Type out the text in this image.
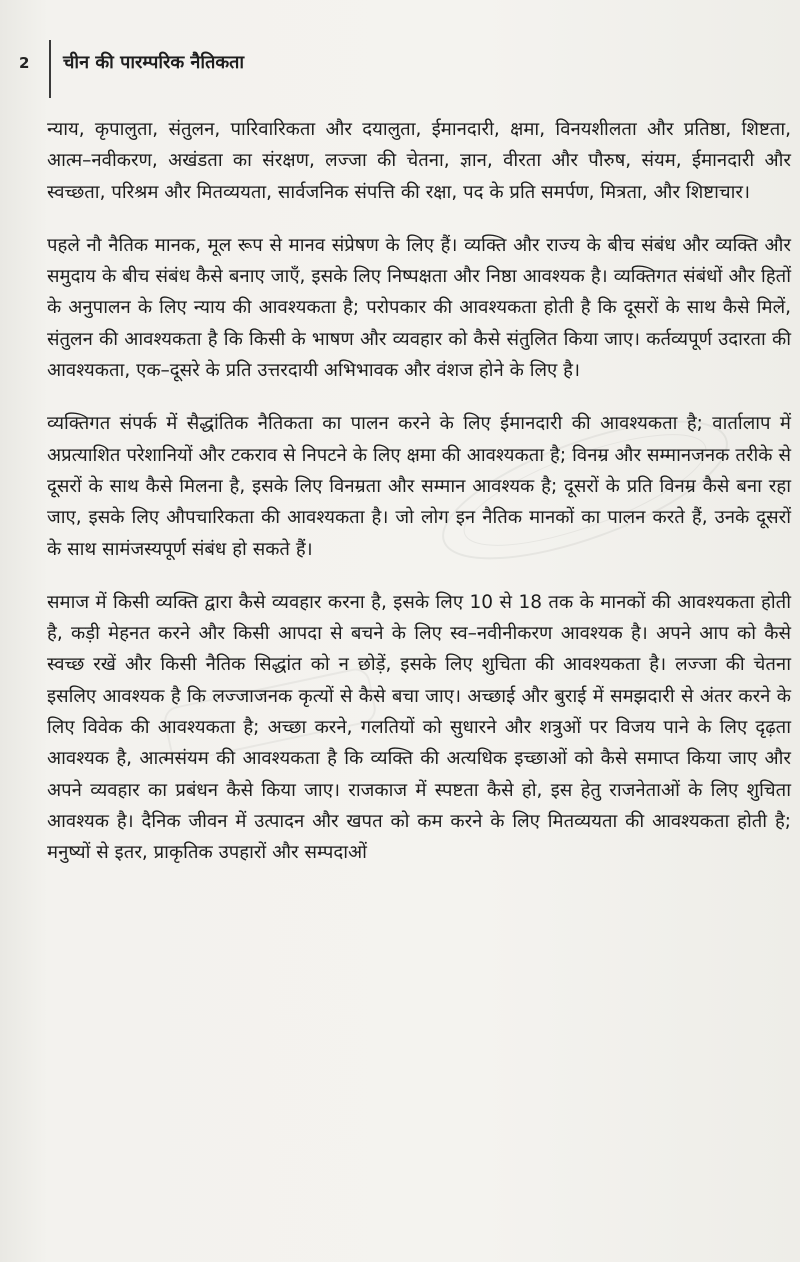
2 चीन की पारम्परिक नैतिकता

न्याय, कृपालुता, संतुलन, पारिवारिकता और दयालुता, ईमानदारी, क्षमा, विनयशीलता और प्रतिष्ठा, शिष्टता, आत्म–नवीकरण, अखंडता का संरक्षण, लज्जा की चेतना, ज्ञान, वीरता और पौरुष, संयम, ईमानदारी और स्वच्छता, परिश्रम और मितव्ययता, सार्वजनिक संपत्ति की रक्षा, पद के प्रति समर्पण, मित्रता, और शिष्टाचार।

पहले नौ नैतिक मानक, मूल रूप से मानव संप्रेषण के लिए हैं। व्यक्ति और राज्य के बीच संबंध और व्यक्ति और समुदाय के बीच संबंध कैसे बनाए जाएँ, इसके लिए निष्पक्षता और निष्ठा आवश्यक है। व्यक्तिगत संबंधों और हितों के अनुपालन के लिए न्याय की आवश्यकता है; परोपकार की आवश्यकता होती है कि दूसरों के साथ कैसे मिलें, संतुलन की आवश्यकता है कि किसी के भाषण और व्यवहार को कैसे संतुलित किया जाए। कर्तव्यपूर्ण उदारता की आवश्यकता, एक–दूसरे के प्रति उत्तरदायी अभिभावक और वंशज होने के लिए है।

व्यक्तिगत संपर्क में सैद्धांतिक नैतिकता का पालन करने के लिए ईमानदारी की आवश्यकता है; वार्तालाप में अप्रत्याशित परेशानियों और टकराव से निपटने के लिए क्षमा की आवश्यकता है; विनम्र और सम्मानजनक तरीके से दूसरों के साथ कैसे मिलना है, इसके लिए विनम्रता और सम्मान आवश्यक है; दूसरों के प्रति विनम्र कैसे बना रहा जाए, इसके लिए औपचारिकता की आवश्यकता है। जो लोग इन नैतिक मानकों का पालन करते हैं, उनके दूसरों के साथ सामंजस्यपूर्ण संबंध हो सकते हैं।

समाज में किसी व्यक्ति द्वारा कैसे व्यवहार करना है, इसके लिए 10 से 18 तक के मानकों की आवश्यकता होती है, कड़ी मेहनत करने और किसी आपदा से बचने के लिए स्व–नवीनीकरण आवश्यक है। अपने आप को कैसे स्वच्छ रखें और किसी नैतिक सिद्धांत को न छोड़ें, इसके लिए शुचिता की आवश्यकता है। लज्जा की चेतना इसलिए आवश्यक है कि लज्जाजनक कृत्यों से कैसे बचा जाए। अच्छाई और बुराई में समझदारी से अंतर करने के लिए विवेक की आवश्यकता है; अच्छा करने, गलतियों को सुधारने और शत्रुओं पर विजय पाने के लिए दृढ़ता आवश्यक है, आत्मसंयम की आवश्यकता है कि व्यक्ति की अत्यधिक इच्छाओं को कैसे समाप्त किया जाए और अपने व्यवहार का प्रबंधन कैसे किया जाए। राजकाज में स्पष्टता कैसे हो, इस हेतु राजनेताओं के लिए शुचिता आवश्यक है। दैनिक जीवन में उत्पादन और खपत को कम करने के लिए मितव्ययता की आवश्यकता होती है; मनुष्यों से इतर, प्राकृतिक उपहारों और सम्पदाओं
